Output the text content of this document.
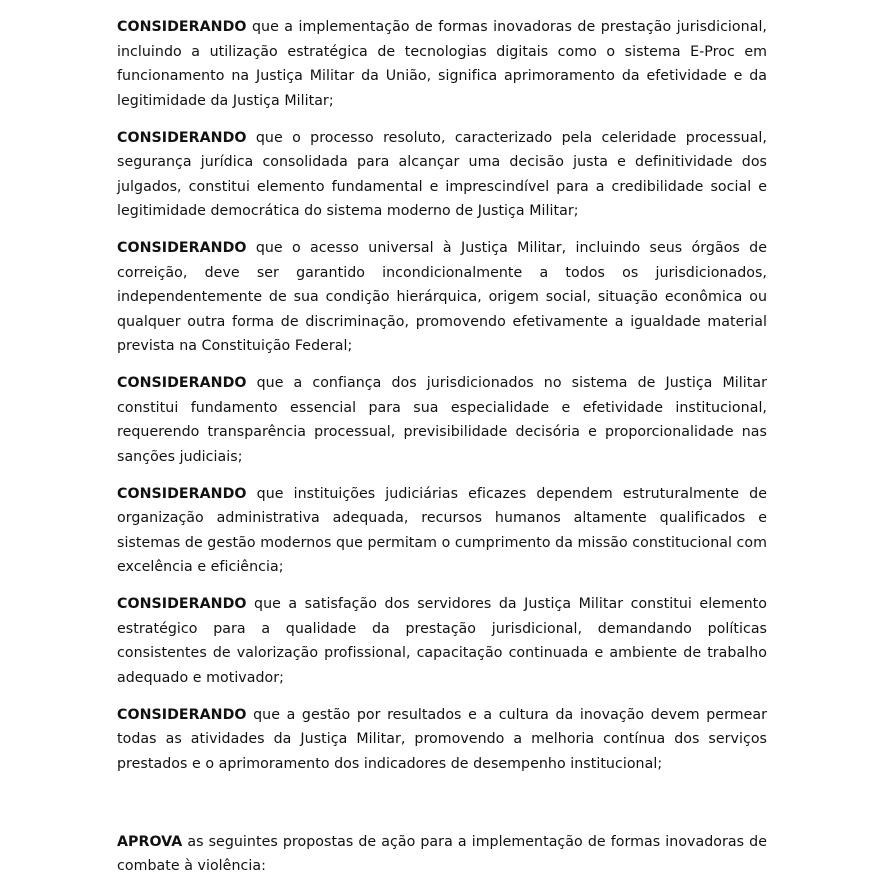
CONSIDERANDO que a implementação de formas inovadoras de prestação jurisdicional, incluindo a utilização estratégica de tecnologias digitais como o sistema E-Proc em funcionamento na Justiça Militar da União, significa aprimoramento da efetividade e da legitimidade da Justiça Militar;

CONSIDERANDO que o processo resoluto, caracterizado pela celeridade processual, segurança jurídica consolidada para alcançar uma decisão justa e definitividade dos julgados, constitui elemento fundamental e imprescindível para a credibilidade social e legitimidade democrática do sistema moderno de Justiça Militar;

CONSIDERANDO que o acesso universal à Justiça Militar, incluindo seus órgãos de correição, deve ser garantido incondicionalmente a todos os jurisdicionados, independentemente de sua condição hierárquica, origem social, situação econômica ou qualquer outra forma de discriminação, promovendo efetivamente a igualdade material prevista na Constituição Federal;

CONSIDERANDO que a confiança dos jurisdicionados no sistema de Justiça Militar constitui fundamento essencial para sua especialidade e efetividade institucional, requerendo transparência processual, previsibilidade decisória e proporcionalidade nas sanções judiciais;

CONSIDERANDO que instituições judiciárias eficazes dependem estruturalmente de organização administrativa adequada, recursos humanos altamente qualificados e sistemas de gestão modernos que permitam o cumprimento da missão constitucional com excelência e eficiência;

CONSIDERANDO que a satisfação dos servidores da Justiça Militar constitui elemento estratégico para a qualidade da prestação jurisdicional, demandando políticas consistentes de valorização profissional, capacitação continuada e ambiente de trabalho adequado e motivador;

CONSIDERANDO que a gestão por resultados e a cultura da inovação devem permear todas as atividades da Justiça Militar, promovendo a melhoria contínua dos serviços prestados e o aprimoramento dos indicadores de desempenho institucional;

APROVA as seguintes propostas de ação para a implementação de formas inovadoras de combate à violência:
